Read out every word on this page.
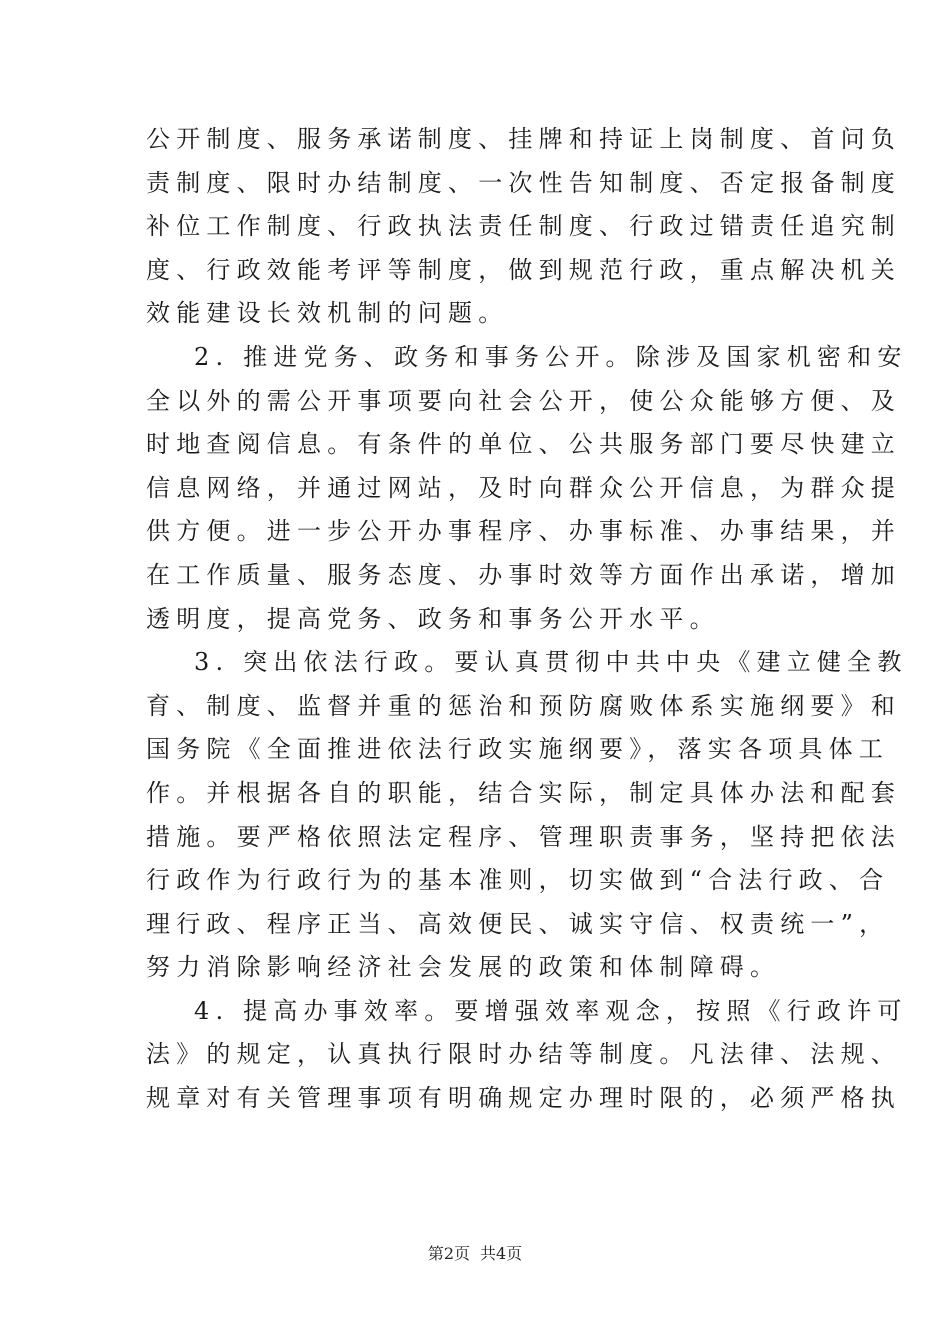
公开制度、服务承诺制度、挂牌和持证上岗制度、首问负
责制度、限时办结制度、一次性告知制度、否定报备制度
补位工作制度、行政执法责任制度、行政过错责任追究制
度、行政效能考评等制度，做到规范行政，重点解决机关
效能建设长效机制的问题。

2. 推进党务、政务和事务公开。除涉及国家机密和安
全以外的需公开事项要向社会公开，使公众能够方便、及
时地查阅信息。有条件的单位、公共服务部门要尽快建立
信息网络，并通过网站，及时向群众公开信息，为群众提
供方便。进一步公开办事程序、办事标准、办事结果，并
在工作质量、服务态度、办事时效等方面作出承诺，增加
透明度，提高党务、政务和事务公开水平。

3. 突出依法行政。要认真贯彻中共中央《建立健全教
育、制度、监督并重的惩治和预防腐败体系实施纲要》和
国务院《全面推进依法行政实施纲要》，落实各项具体工
作。并根据各自的职能，结合实际，制定具体办法和配套
措施。要严格依照法定程序、管理职责事务，坚持把依法
行政作为行政行为的基本准则，切实做到“合法行政、合
理行政、程序正当、高效便民、诚实守信、权责统一”，
努力消除影响经济社会发展的政策和体制障碍。

4. 提高办事效率。要增强效率观念，按照《行政许可
法》的规定，认真执行限时办结等制度。凡法律、法规、
规章对有关管理事项有明确规定办理时限的，必须严格执

第2页 共4页
